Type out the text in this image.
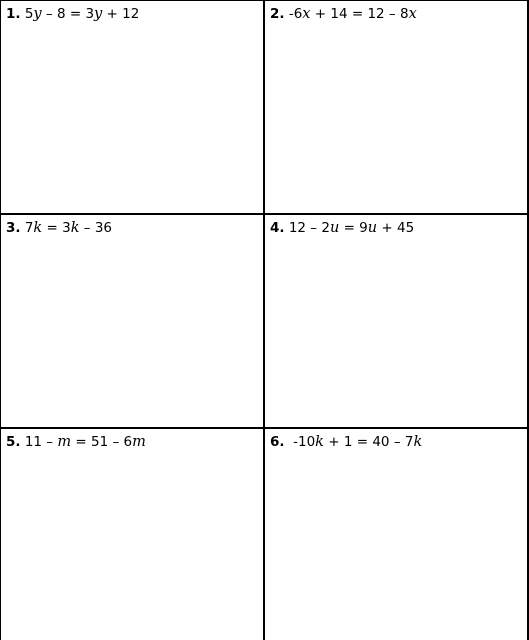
1. 5y – 8 = 3y + 12	2. -6x + 14 = 12 – 8x
3. 7k = 3k – 36	4. 12 – 2u = 9u + 45
5. 11 – m = 51 – 6m	6.  -10k + 1 = 40 – 7k
